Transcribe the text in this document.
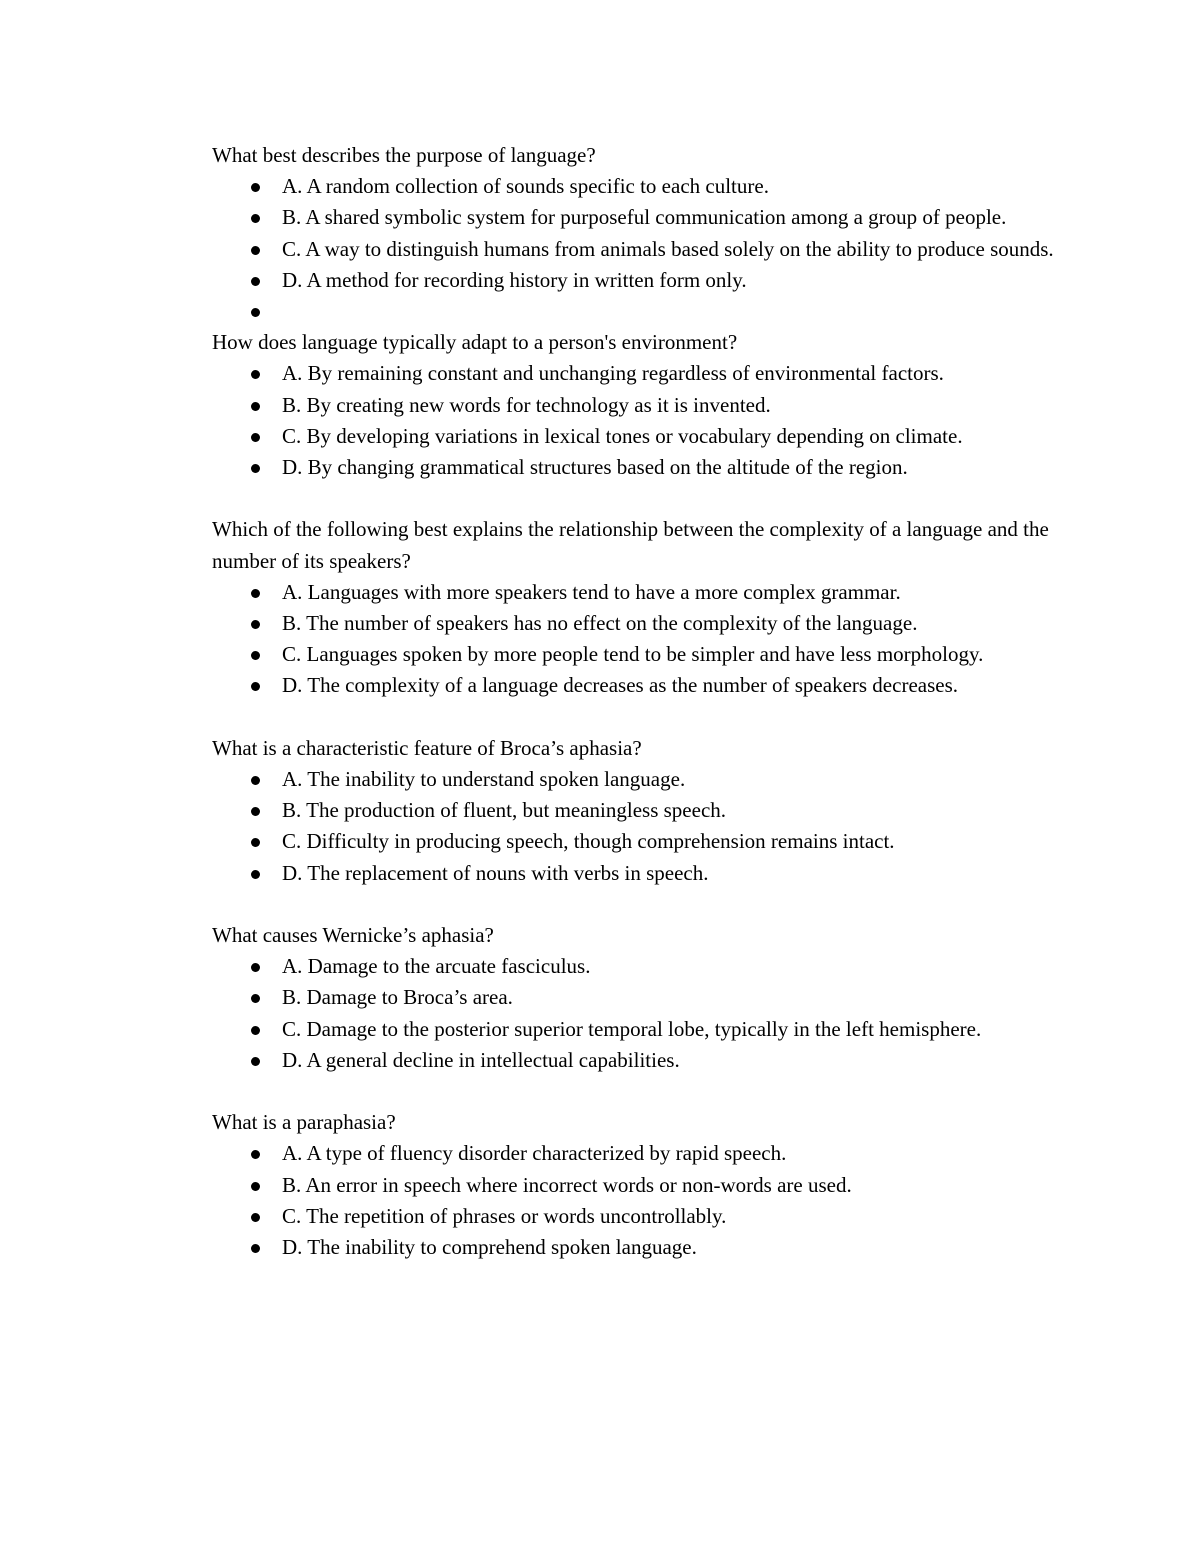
What best describes the purpose of language?

A. A random collection of sounds specific to each culture.
B. A shared symbolic system for purposeful communication among a group of people.
C. A way to distinguish humans from animals based solely on the ability to produce sounds.
D. A method for recording history in written form only.

How does language typically adapt to a person's environment?

A. By remaining constant and unchanging regardless of environmental factors.
B. By creating new words for technology as it is invented.
C. By developing variations in lexical tones or vocabulary depending on climate.
D. By changing grammatical structures based on the altitude of the region.

Which of the following best explains the relationship between the complexity of a language and the number of its speakers?

A. Languages with more speakers tend to have a more complex grammar.
B. The number of speakers has no effect on the complexity of the language.
C. Languages spoken by more people tend to be simpler and have less morphology.
D. The complexity of a language decreases as the number of speakers decreases.

What is a characteristic feature of Broca’s aphasia?

A. The inability to understand spoken language.
B. The production of fluent, but meaningless speech.
C. Difficulty in producing speech, though comprehension remains intact.
D. The replacement of nouns with verbs in speech.

What causes Wernicke’s aphasia?

A. Damage to the arcuate fasciculus.
B. Damage to Broca’s area.
C. Damage to the posterior superior temporal lobe, typically in the left hemisphere.
D. A general decline in intellectual capabilities.

What is a paraphasia?

A. A type of fluency disorder characterized by rapid speech.
B. An error in speech where incorrect words or non-words are used.
C. The repetition of phrases or words uncontrollably.
D. The inability to comprehend spoken language.
